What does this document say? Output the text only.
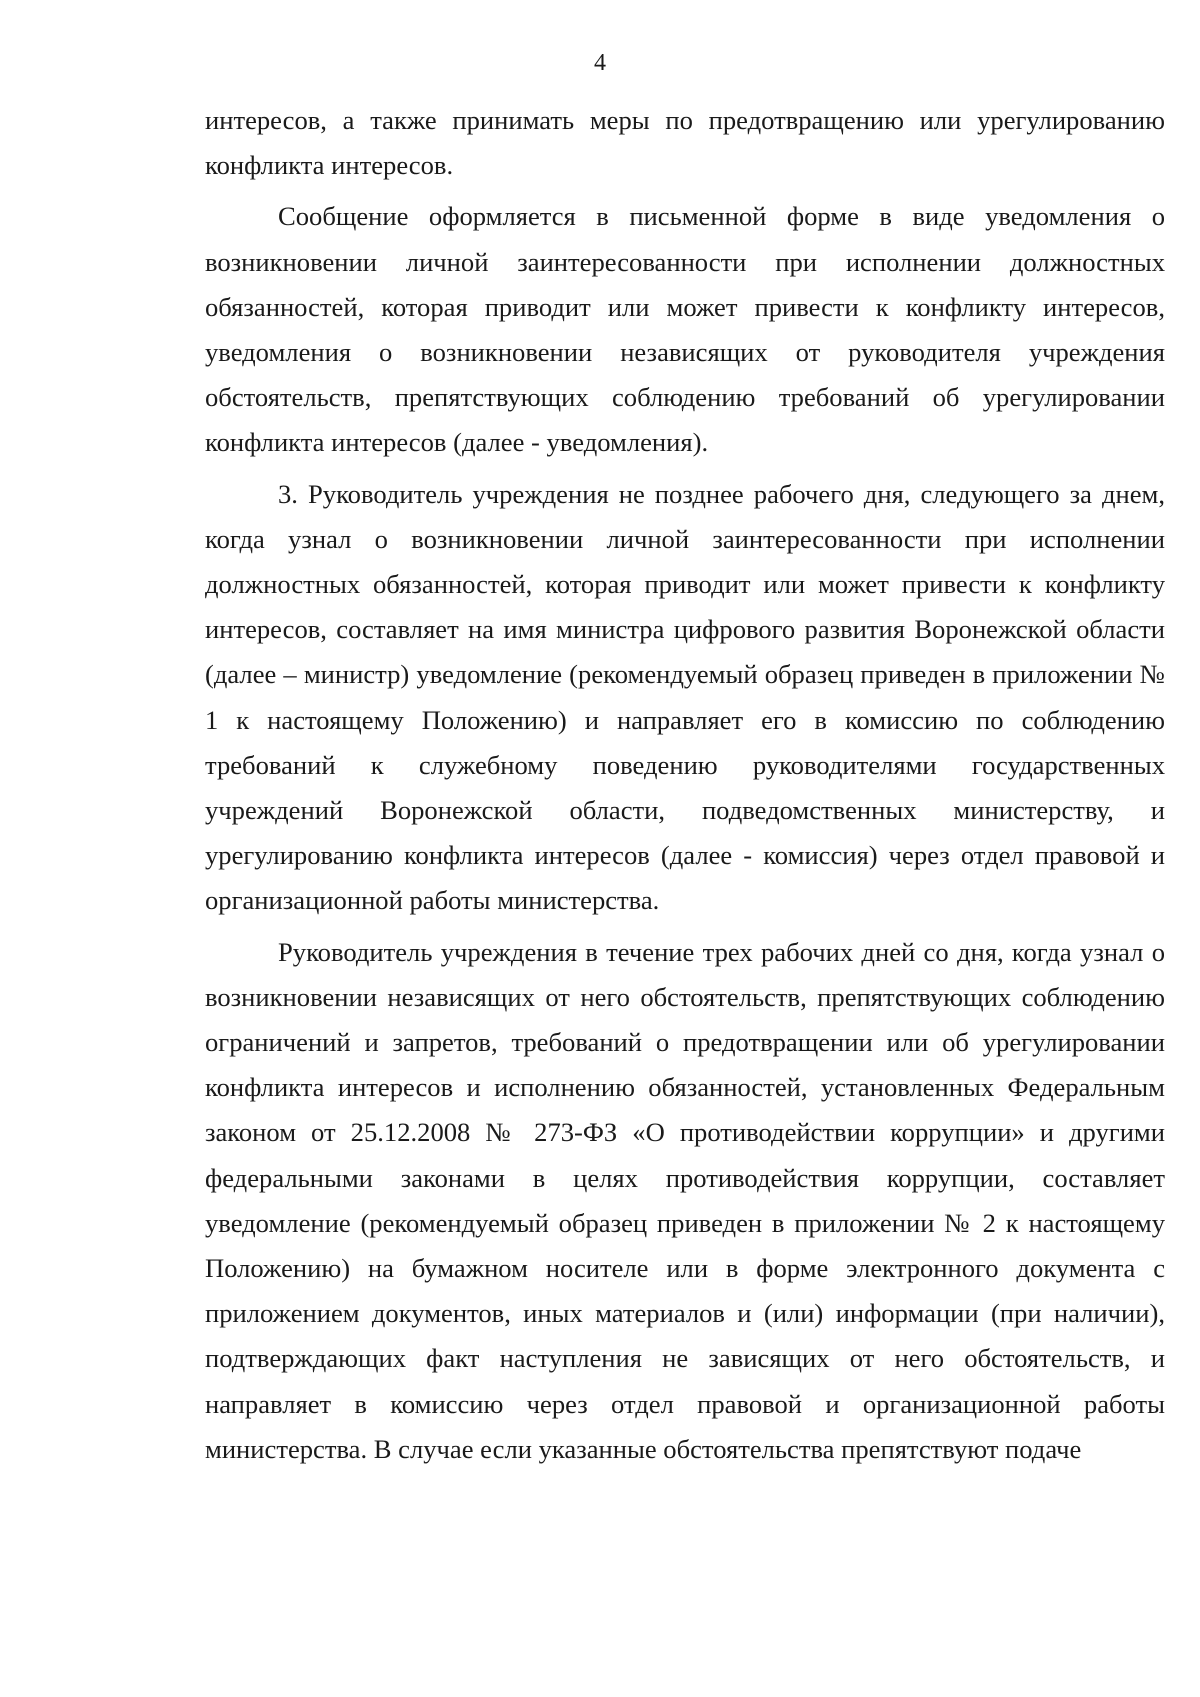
4

интересов, а также принимать меры по предотвращению или урегулированию конфликта интересов.

Сообщение оформляется в письменной форме в виде уведомления о возникновении личной заинтересованности при исполнении должностных обязанностей, которая приводит или может привести к конфликту интересов, уведомления о возникновении независящих от руководителя учреждения обстоятельств, препятствующих соблюдению требований об урегулировании конфликта интересов (далее - уведомления).

3. Руководитель учреждения не позднее рабочего дня, следующего за днем, когда узнал о возникновении личной заинтересованности при исполнении должностных обязанностей, которая приводит или может привести к конфликту интересов, составляет на имя министра цифрового развития Воронежской области (далее – министр) уведомление (рекомендуемый образец приведен в приложении № 1 к настоящему Положению) и направляет его в комиссию по соблюдению требований к служебному поведению руководителями государственных учреждений Воронежской области, подведомственных министерству, и урегулированию конфликта интересов (далее - комиссия) через отдел правовой и организационной работы министерства.

Руководитель учреждения в течение трех рабочих дней со дня, когда узнал о возникновении независящих от него обстоятельств, препятствующих соблюдению ограничений и запретов, требований о предотвращении или об урегулировании конфликта интересов и исполнению обязанностей, установленных Федеральным законом от 25.12.2008 № 273-ФЗ «О противодействии коррупции» и другими федеральными законами в целях противодействия коррупции, составляет уведомление (рекомендуемый образец приведен в приложении № 2 к настоящему Положению) на бумажном носителе или в форме электронного документа с приложением документов, иных материалов и (или) информации (при наличии), подтверждающих факт наступления не зависящих от него обстоятельств, и направляет в комиссию через отдел правовой и организационной работы министерства. В случае если указанные обстоятельства препятствуют подаче
